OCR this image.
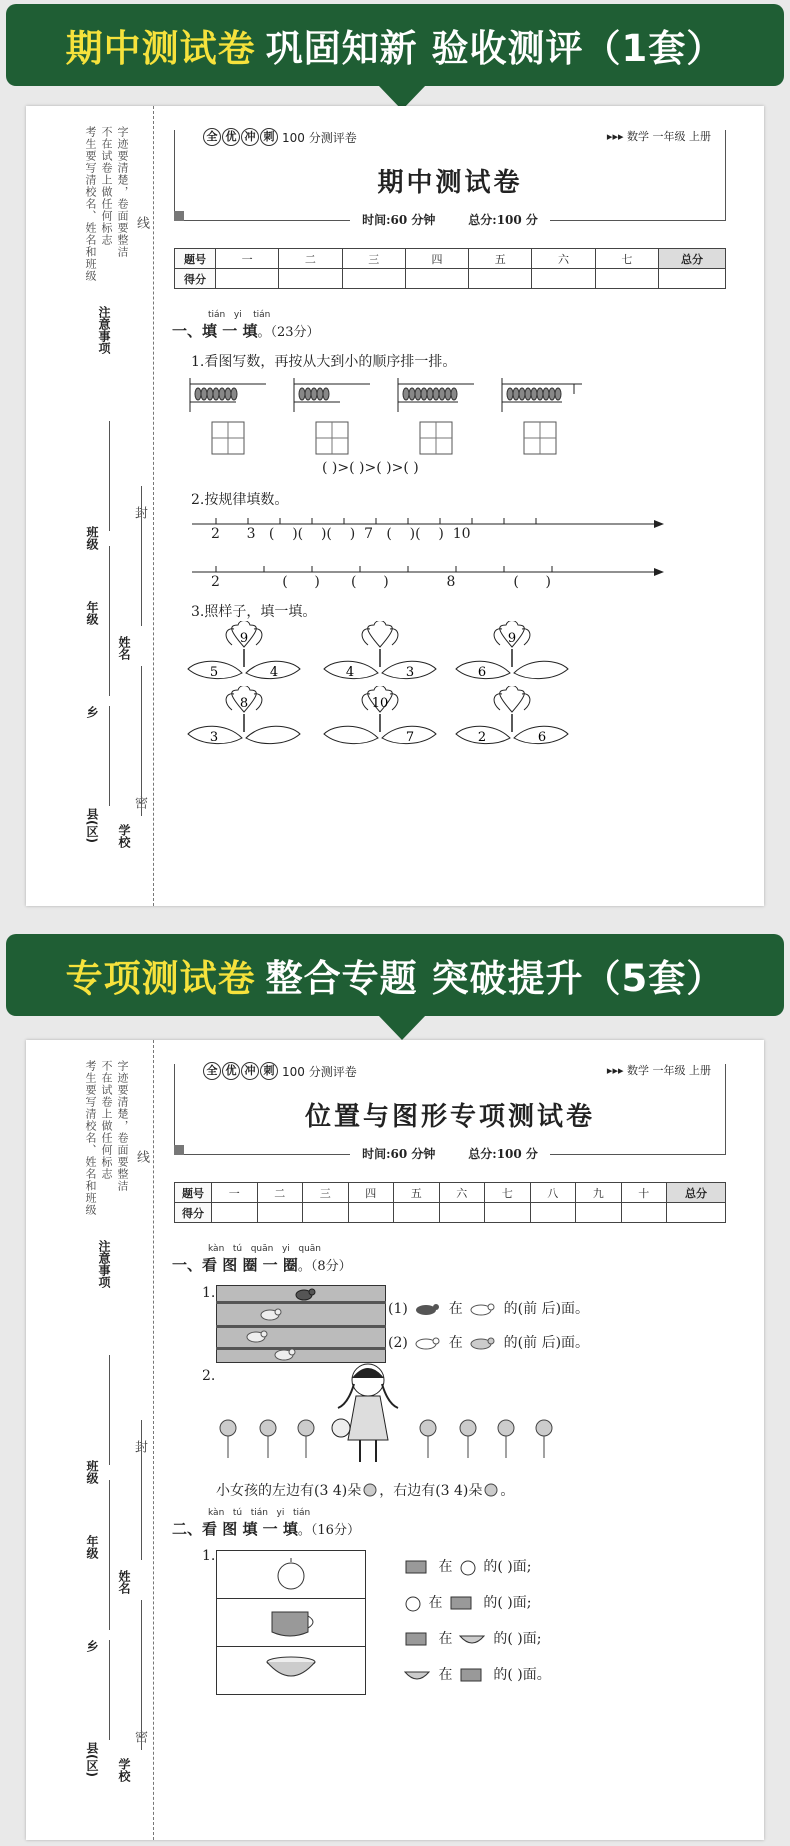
期中测试卷 巩固知新 验收测评（1套）
考生要写清校名、姓名和班级 不在试卷上做任何标志 字迹要清楚，卷面要整洁
注意事项
线
封
密
班级
年级
姓名
乡
县(区) 学校
全 优 冲 刺 100 分测评卷	▸▸▸ 数学 一年级 上册
期中测试卷
时间:60 分钟	总分:100 分
题号	一	二	三	四	五	六	七	总分
得分								
tián yi tián
一、填 一 填。（23分）
1.看图写数，再按从大到小的顺序排一排。
( )>( )>( )>( )
2.按规律填数。
2 3 ( )( )( ) 7 ( )( ) 10
2	( ) ( )	8	( )
3.照样子，填一填。
9
5	4	4	3
9
6
8
3
10
7	2	6
专项测试卷 整合专题 突破提升（5套）
考生要写清校名、姓名和班级 不在试卷上做任何标志 字迹要清楚，卷面要整洁
注意事项
线
封
密
班级
年级
姓名
乡
县(区) 学校
全 优 冲 刺 100 分测评卷	▸▸▸ 数学 一年级 上册
位置与图形专项测试卷
时间:60 分钟	总分:100 分
题号	一	二	三	四	五	六	七	八	九	十	总分
得分											
kàn tú quān yi quān
一、看 图 圈 一 圈。（8分）
1.
(1)	在	的(前 后)面。
(2)	在	的(前 后)面。
2.
小女孩的左边有(3 4)朵 ，右边有(3 4)朵 。
kàn tú tián yi tián
二、看 图 填 一 填。（16分）
1.
在 的( )面;
在	的( )面;
在	的( )面;
在	的( )面。
